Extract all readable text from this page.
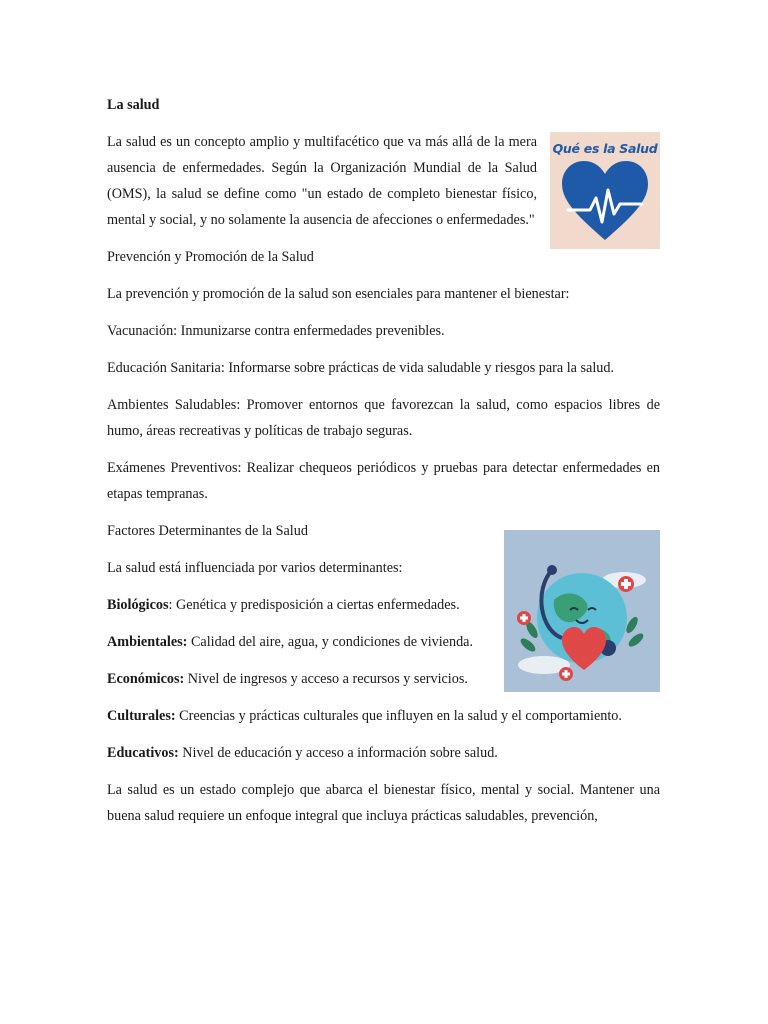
La salud

La salud es un concepto amplio y multifacético que va más allá de la mera ausencia de enfermedades. Según la Organización Mundial de la Salud (OMS), la salud se define como "un estado de completo bienestar físico, mental y social, y no solamente la ausencia de afecciones o enfermedades."

Prevención y Promoción de la Salud

La prevención y promoción de la salud son esenciales para mantener el bienestar:

Vacunación: Inmunizarse contra enfermedades prevenibles.

Educación Sanitaria: Informarse sobre prácticas de vida saludable y riesgos para la salud.

Ambientes Saludables: Promover entornos que favorezcan la salud, como espacios libres de humo, áreas recreativas y políticas de trabajo seguras.

Exámenes Preventivos: Realizar chequeos periódicos y pruebas para detectar enfermedades en etapas tempranas.

Factores Determinantes de la Salud

La salud está influenciada por varios determinantes:

Biológicos: Genética y predisposición a ciertas enfermedades.

Ambientales: Calidad del aire, agua, y condiciones de vivienda.

Económicos: Nivel de ingresos y acceso a recursos y servicios.

Culturales: Creencias y prácticas culturales que influyen en la salud y el comportamiento.

Educativos: Nivel de educación y acceso a información sobre salud.

La salud es un estado complejo que abarca el bienestar físico, mental y social. Mantener una buena salud requiere un enfoque integral que incluya prácticas saludables, prevención,

Qué es la Salud
